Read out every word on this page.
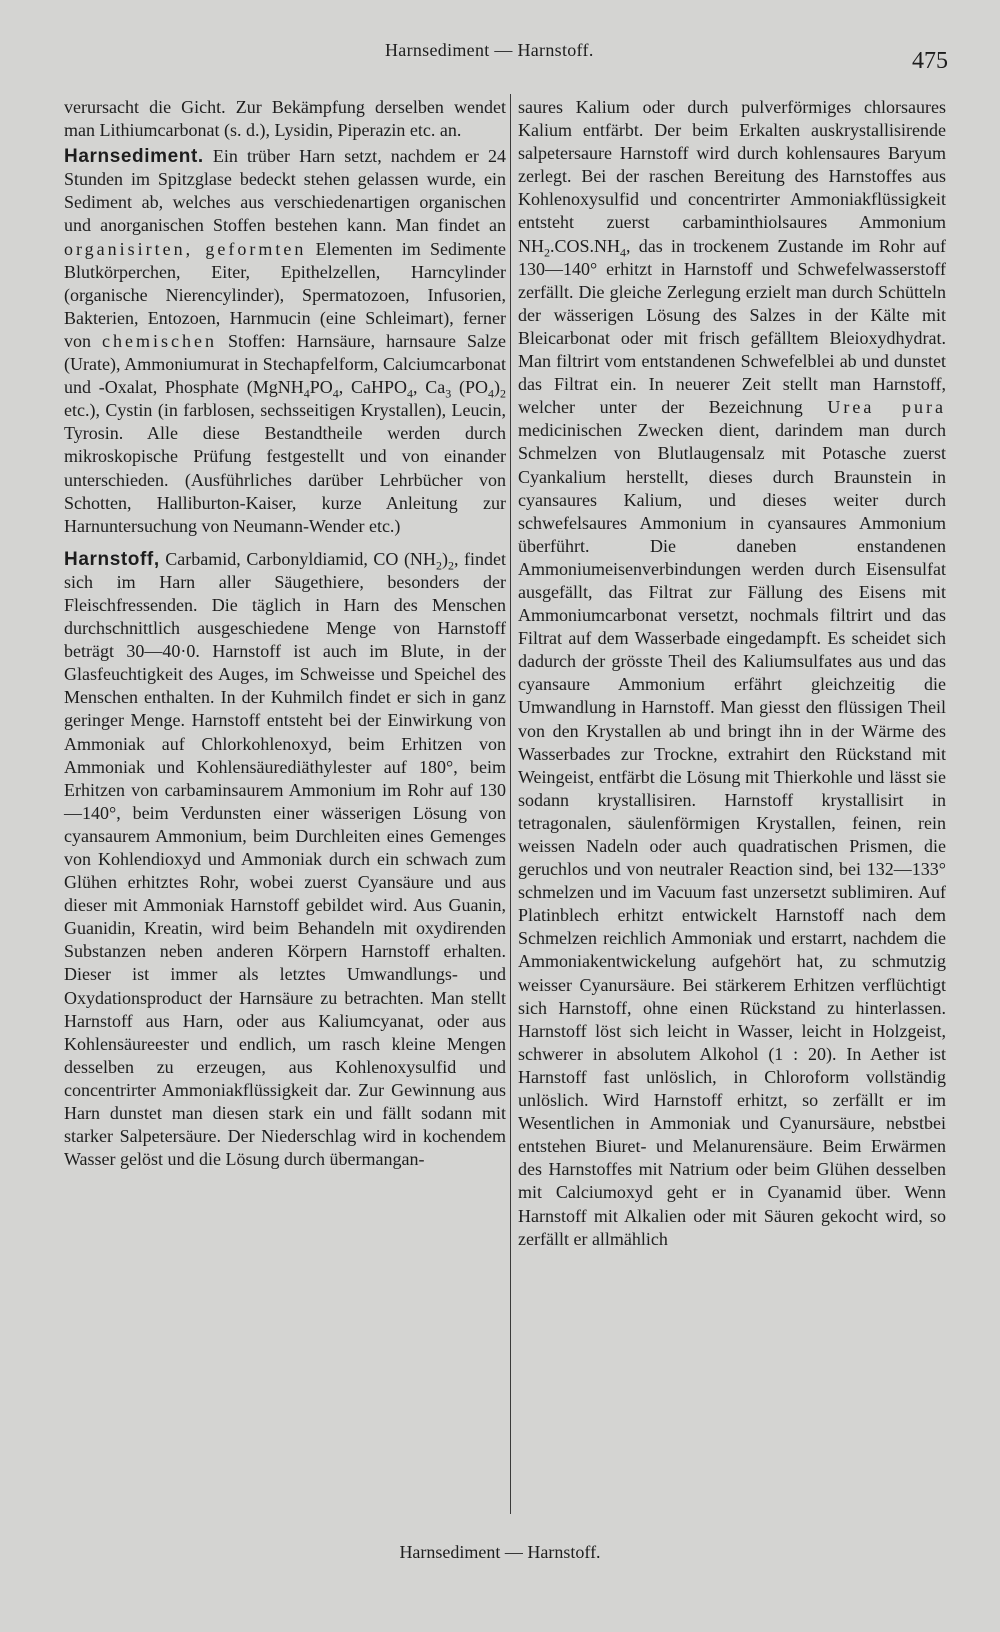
Harnsediment — Harnstoff.	475

verursacht die Gicht. Zur Bekämpfung derselben wendet man Lithiumcarbonat (s. d.), Lysidin, Piperazin etc. an.

Harnsediment. Ein trüber Harn setzt, nachdem er 24 Stunden im Spitzglase bedeckt stehen gelassen wurde, ein Sediment ab, welches aus verschiedenartigen organischen und anorganischen Stoffen bestehen kann. Man findet an organisirten, geformten Elementen im Sedimente Blutkörperchen, Eiter, Epithelzellen, Harncylinder (organische Nierencylinder), Spermatozoen, Infusorien, Bakterien, Entozoen, Harnmucin (eine Schleimart), ferner von chemischen Stoffen: Harnsäure, harnsaure Salze (Urate), Ammoniumurat in Stechapfelform, Calciumcarbonat und -Oxalat, Phosphate ($MgNH_4PO_4$, CaHPO$_4$, $Ca_3$ $(PO_4)_2$ etc.), Cystin (in farblosen, sechsseitigen Krystallen), Leucin, Tyrosin. Alle diese Bestandtheile werden durch mikroskopische Prüfung festgestellt und von einander unterschieden. (Ausführliches darüber Lehrbücher von Schotten, Halliburton-Kaiser, kurze Anleitung zur Harnuntersuchung von Neumann-Wender etc.)

Harnstoff, Carbamid, Carbonyldiamid, CO $(NH_2)_2$, findet sich im Harn aller Säugethiere, besonders der Fleischfressenden. Die täglich in Harn des Menschen durchschnittlich ausgeschiedene Menge von Harnstoff beträgt 30—40·0. Harnstoff ist auch im Blute, in der Glasfeuchtigkeit des Auges, im Schweisse und Speichel des Menschen enthalten. In der Kuhmilch findet er sich in ganz geringer Menge. Harnstoff entsteht bei der Einwirkung von Ammoniak auf Chlorkohlenoxyd, beim Erhitzen von Ammoniak und Kohlensäurediäthylester auf 180°, beim Erhitzen von carbaminsaurem Ammonium im Rohr auf 130—140°, beim Verdunsten einer wässerigen Lösung von cyansaurem Ammonium, beim Durchleiten eines Gemenges von Kohlendioxyd und Ammoniak durch ein schwach zum Glühen erhitztes Rohr, wobei zuerst Cyansäure und aus dieser mit Ammoniak Harnstoff gebildet wird. Aus Guanin, Guanidin, Kreatin, wird beim Behandeln mit oxydirenden Substanzen neben anderen Körpern Harnstoff erhalten. Dieser ist immer als letztes Umwandlungs- und Oxydationsproduct der Harnsäure zu betrachten. Man stellt Harnstoff aus Harn, oder aus Kaliumcyanat, oder aus Kohlensäureester und endlich, um rasch kleine Mengen desselben zu erzeugen, aus Kohlenoxysulfid und concentrirter Ammoniakflüssigkeit dar. Zur Gewinnung aus Harn dunstet man diesen stark ein und fällt sodann mit starker Salpetersäure. Der Niederschlag wird in kochendem Wasser gelöst und die Lösung durch übermangan-

saures Kalium oder durch pulverförmiges chlorsaures Kalium entfärbt. Der beim Erkalten auskrystallisirende salpetersaure Harnstoff wird durch kohlensaures Baryum zerlegt. Bei der raschen Bereitung des Harnstoffes aus Kohlenoxysulfid und concentrirter Ammoniakflüssigkeit entsteht zuerst carbaminthiolsaures Ammonium $NH_2.COS.NH_4$, das in trockenem Zustande im Rohr auf 130—140° erhitzt in Harnstoff und Schwefelwasserstoff zerfällt. Die gleiche Zerlegung erzielt man durch Schütteln der wässerigen Lösung des Salzes in der Kälte mit Bleicarbonat oder mit frisch gefälltem Bleioxydhydrat. Man filtrirt vom entstandenen Schwefelblei ab und dunstet das Filtrat ein. In neuerer Zeit stellt man Harnstoff, welcher unter der Bezeichnung Urea pura medicinischen Zwecken dient, darindem man durch Schmelzen von Blutlaugensalz mit Potasche zuerst Cyankalium herstellt, dieses durch Braunstein in cyansaures Kalium, und dieses weiter durch schwefelsaures Ammonium in cyansaures Ammonium überführt. Die daneben enstandenen Ammoniumeisenverbindungen werden durch Eisensulfat ausgefällt, das Filtrat zur Fällung des Eisens mit Ammoniumcarbonat versetzt, nochmals filtrirt und das Filtrat auf dem Wasserbade eingedampft. Es scheidet sich dadurch der grösste Theil des Kaliumsulfates aus und das cyansaure Ammonium erfährt gleichzeitig die Umwandlung in Harnstoff. Man giesst den flüssigen Theil von den Krystallen ab und bringt ihn in der Wärme des Wasserbades zur Trockne, extrahirt den Rückstand mit Weingeist, entfärbt die Lösung mit Thierkohle und lässt sie sodann krystallisiren. Harnstoff krystallisirt in tetragonalen, säulenförmigen Krystallen, feinen, rein weissen Nadeln oder auch quadratischen Prismen, die geruchlos und von neutraler Reaction sind, bei 132—133° schmelzen und im Vacuum fast unzersetzt sublimiren. Auf Platinblech erhitzt entwickelt Harnstoff nach dem Schmelzen reichlich Ammoniak und erstarrt, nachdem die Ammoniakentwickelung aufgehört hat, zu schmutzig weisser Cyanursäure. Bei stärkerem Erhitzen verflüchtigt sich Harnstoff, ohne einen Rückstand zu hinterlassen. Harnstoff löst sich leicht in Wasser, leicht in Holzgeist, schwerer in absolutem Alkohol (1 : 20). In Aether ist Harnstoff fast unlöslich, in Chloroform vollständig unlöslich. Wird Harnstoff erhitzt, so zerfällt er im Wesentlichen in Ammoniak und Cyanursäure, nebstbei entstehen Biuret- und Melanurensäure. Beim Erwärmen des Harnstoffes mit Natrium oder beim Glühen desselben mit Calciumoxyd geht er in Cyanamid über. Wenn Harnstoff mit Alkalien oder mit Säuren gekocht wird, so zerfällt er allmählich

Harnsediment — Harnstoff.
